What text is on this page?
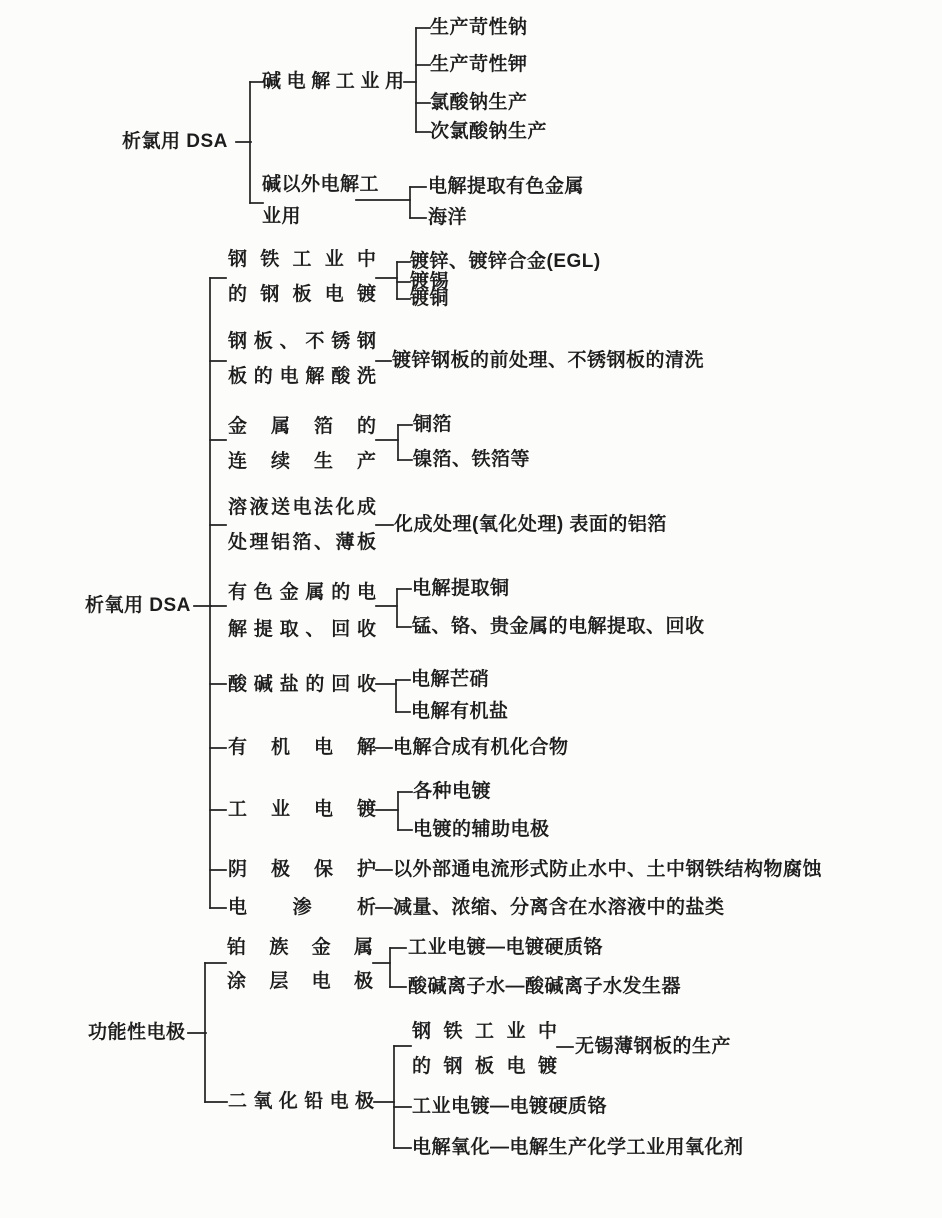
析氯用 DSA
碱电解工业用
生产苛性钠
生产苛性钾
氯酸钠生产
次氯酸钠生产
碱以外电解工
业用
电解提取有色金属
海洋
析氧用 DSA
钢铁工业中
的钢板电镀
镀锌、镀锌合金(EGL)
镀锡
镀铜
钢板、不锈钢
板的电解酸洗
镀锌钢板的前处理、不锈钢板的清洗
金属箔的
连续生产
铜箔
镍箔、铁箔等
溶液送电法化成
处理铝箔、薄板
化成处理(氧化处理) 表面的铝箔
有色金属的电
解提取、回收
电解提取铜
锰、铬、贵金属的电解提取、回收
酸碱盐的回收 电解芒硝
电解有机盐
有机电解 电解合成有机化合物
工业电镀
各种电镀
电镀的辅助电极
阴极保护 以外部通电流形式防止水中、土中钢铁结构物腐蚀
电渗析 减量、浓缩、分离含在水溶液中的盐类
功能性电极
铂族金属
涂层电极
工业电镀—电镀硬质铬
酸碱离子水—酸碱离子水发生器
二氧化铅电极
钢铁工业中
的钢板电镀
无锡薄钢板的生产
工业电镀—电镀硬质铬
电解氧化—电解生产化学工业用氧化剂
